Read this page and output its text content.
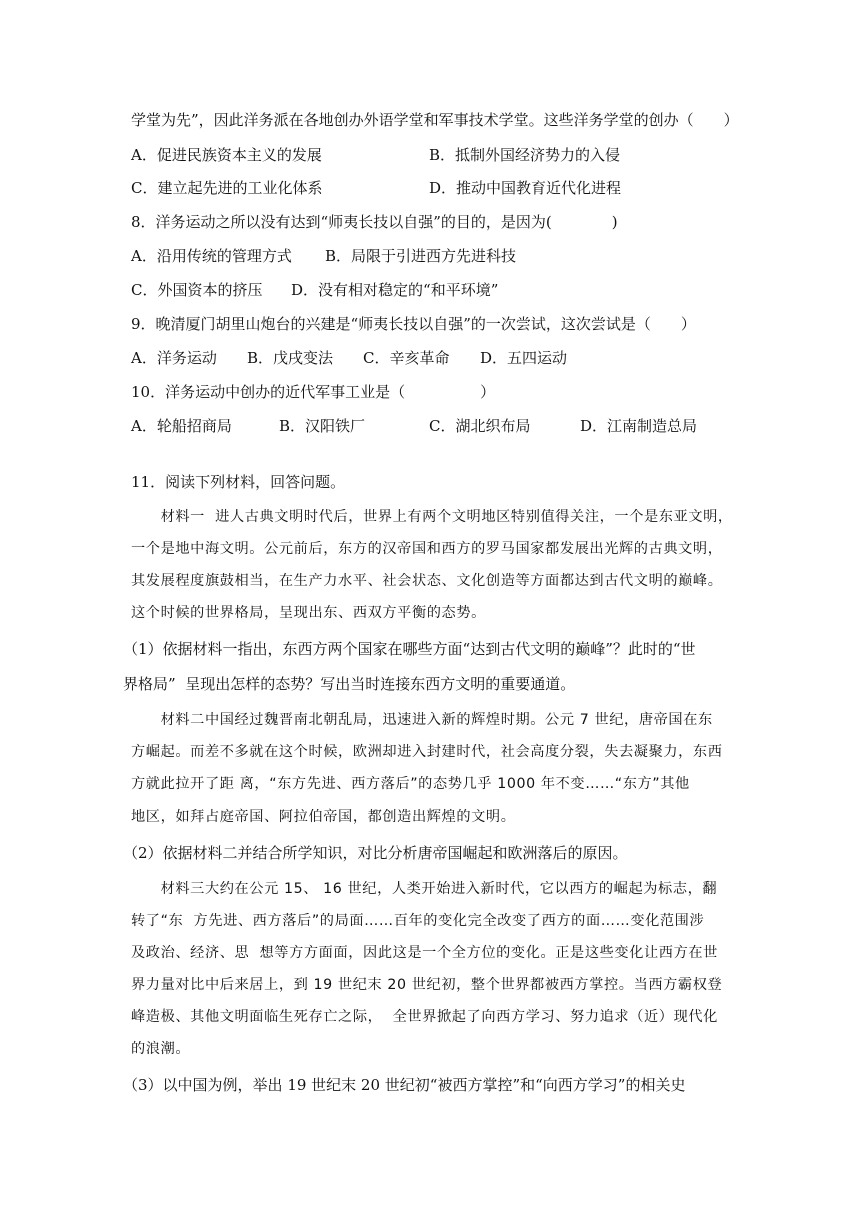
学堂为先”，因此洋务派在各地创办外语学堂和军事技术学堂。这些洋务学堂的创办（　　）
A．促进民族资本主义的发展	B．抵制外国经济势力的入侵
C．建立起先进的工业化体系	D．推动中国教育近代化进程
8．洋务运动之所以没有达到“师夷长技以自强”的目的，是因为(　　　　)
A．沿用传统的管理方式 B．局限于引进西方先进科技
C．外国资本的挤压 D．没有相对稳定的“和平环境”
9．晚清厦门胡里山炮台的兴建是“师夷长技以自强”的一次尝试，这次尝试是（　　）
A．洋务运动 B．戊戌变法 C．辛亥革命 D．五四运动
10．洋务运动中创办的近代军事工业是（　　　　　）
A．轮船招商局	B．汉阳铁厂	C．湖北织布局	D．江南制造总局
11．阅读下列材料，回答问题。
　　材料一  进人古典文明时代后，世界上有两个文明地区特别值得关注，一个是东亚文明，
一个是地中海文明。公元前后，东方的汉帝国和西方的罗马国家都发展出光辉的古典文明，
其发展程度旗鼓相当，在生产力水平、社会状态、文化创造等方面都达到古代文明的巅峰。
这个时候的世界格局，呈现出东、西双方平衡的态势。
（1）依据材料一指出，东西方两个国家在哪些方面“达到古代文明的巅峰”？此时的“世
界格局”  呈现出怎样的态势？写出当时连接东西方文明的重要通道。
　　材料二中国经过魏晋南北朝乱局，迅速进入新的辉煌时期。公元 7 世纪，唐帝国在东
方崛起。而差不多就在这个时候，欧洲却进入封建时代，社会高度分裂，失去凝聚力，东西
方就此拉开了距 离，“东方先进、西方落后”的态势几乎 1000 年不变……“东方”其他
地区，如拜占庭帝国、阿拉伯帝国，都创造出辉煌的文明。
（2）依据材料二并结合所学知识，对比分析唐帝国崛起和欧洲落后的原因。
　　材料三大约在公元 15、 16 世纪，人类开始进入新时代，它以西方的崛起为标志，翻
转了“东  方先进、西方落后”的局面……百年的变化完全改变了西方的面……变化范围涉
及政治、经济、思  想等方方面面，因此这是一个全方位的变化。正是这些变化让西方在世
界力量对比中后来居上，到 19 世纪末 20 世纪初，整个世界都被西方掌控。当西方霸权登
峰造极、其他文明面临生死存亡之际，  全世界掀起了向西方学习、努力追求（近）现代化
的浪潮。
（3）以中国为例，举出 19 世纪末 20 世纪初“被西方掌控”和“向西方学习”的相关史
